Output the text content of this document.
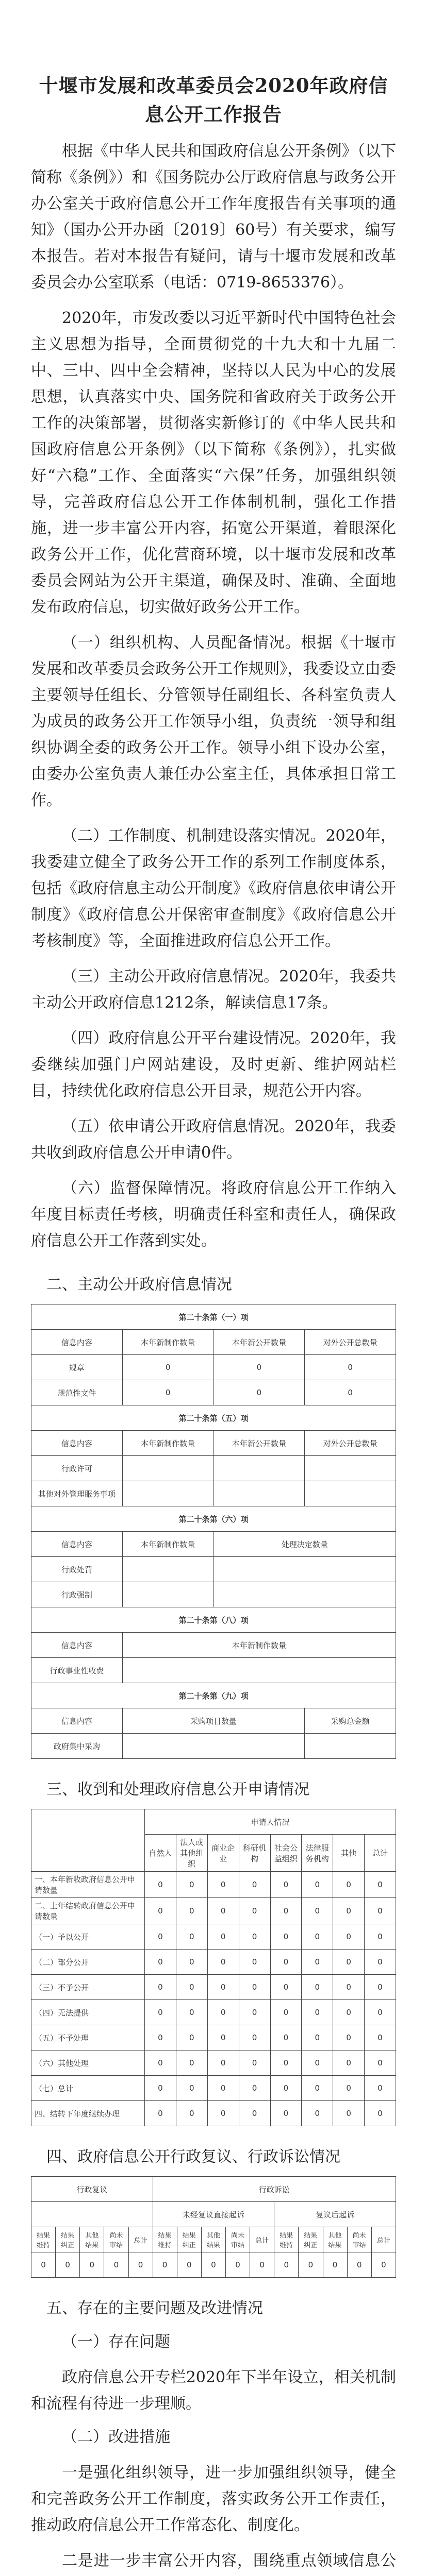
十堰市发展和改革委员会2020年政府信息公开工作报告

根据《中华人民共和国政府信息公开条例》（以下简称《条例》）和《国务院办公厅政府信息与政务公开办公室关于政府信息公开工作年度报告有关事项的通知》（国办公开办函〔2019〕60号）有关要求，编写本报告。若对本报告有疑问，请与十堰市发展和改革委员会办公室联系（电话：0719-8653376）。

2020年，市发改委以习近平新时代中国特色社会主义思想为指导，全面贯彻党的十九大和十九届二中、三中、四中全会精神，坚持以人民为中心的发展思想，认真落实中央、国务院和省政府关于政务公开工作的决策部署，贯彻落实新修订的《中华人民共和国政府信息公开条例》（以下简称《条例》），扎实做好“六稳”工作、全面落实“六保”任务，加强组织领导，完善政府信息公开工作体制机制，强化工作措施，进一步丰富公开内容，拓宽公开渠道，着眼深化政务公开工作，优化营商环境，以十堰市发展和改革委员会网站为公开主渠道，确保及时、准确、全面地发布政府信息，切实做好政务公开工作。

（一）组织机构、人员配备情况。根据《十堰市发展和改革委员会政务公开工作规则》，我委设立由委主要领导任组长、分管领导任副组长、各科室负责人为成员的政务公开工作领导小组，负责统一领导和组织协调全委的政务公开工作。领导小组下设办公室，由委办公室负责人兼任办公室主任，具体承担日常工作。

（二）工作制度、机制建设落实情况。2020年，我委建立健全了政务公开工作的系列工作制度体系，包括《政府信息主动公开制度》《政府信息依申请公开制度》《政府信息公开保密审查制度》《政府信息公开考核制度》等，全面推进政府信息公开工作。

（三）主动公开政府信息情况。2020年，我委共主动公开政府信息1212条，解读信息17条。

（四）政府信息公开平台建设情况。2020年，我委继续加强门户网站建设，及时更新、维护网站栏目，持续优化政府信息公开目录，规范公开内容。

（五）依申请公开政府信息情况。2020年，我委共收到政府信息公开申请0件。

（六）监督保障情况。将政府信息公开工作纳入年度目标责任考核，明确责任科室和责任人，确保政府信息公开工作落到实处。

二、主动公开政府信息情况
第二十条第（一）项			
信息内容	本年新制作数量	本年新公开数量	对外公开总数量
规章	0	0	0
规范性文件	0	0	0
第二十条第（五）项			
信息内容	本年新制作数量	本年新公开数量	对外公开总数量
行政许可			
其他对外管理服务事项			
第二十条第（六）项			
信息内容	本年新制作数量	处理决定数量	
行政处罚			
行政强制			
第二十条第（八）项			
信息内容	本年新制作数量		
行政事业性收费			
第二十条第（九）项			
信息内容	采购项目数量		采购总金额
政府集中采购			
三、收到和处理政府信息公开申请情况
	申请人情况							
	自然人	法人或其他组织	商业企业	科研机构	社会公益组织	法律服务机构	其他	总计
一、本年新收政府信息公开申请数量	0	0	0	0	0	0	0	0
二、上年结转政府信息公开申请数量	0	0	0	0	0	0	0	0
（一）予以公开	0	0	0	0	0	0	0	0
（二）部分公开	0	0	0	0	0	0	0	0
（三）不予公开	0	0	0	0	0	0	0	0
（四）无法提供	0	0	0	0	0	0	0	0
（五）不予处理	0	0	0	0	0	0	0	0
（六）其他处理	0	0	0	0	0	0	0	0
（七）总计	0	0	0	0	0	0	0	0
四、结转下年度继续办理	0	0	0	0	0	0	0	0
四、政府信息公开行政复议、行政诉讼情况
行政复议					行政诉讼									
					未经复议直接起诉					复议后起诉				

结果维持	结果纠正	其他结果	尚未审结	总计	结果维持	结果纠正	其他结果	尚未审结	总计	结果维持	结果纠正	其他结果	尚未审结	总计
0	0	0	0	0	0	0	0	0	0	0	0	0	0	0
五、存在的主要问题及改进情况
（一）存在问题

政府信息公开专栏2020年下半年设立，相关机制和流程有待进一步理顺。

（二）改进措施

一是强化组织领导，进一步加强组织领导，健全和完善政务公开工作制度，落实政务公开工作责任，推动政府信息公开工作常态化、制度化。

二是进一步丰富公开内容，围绕重点领域信息公
